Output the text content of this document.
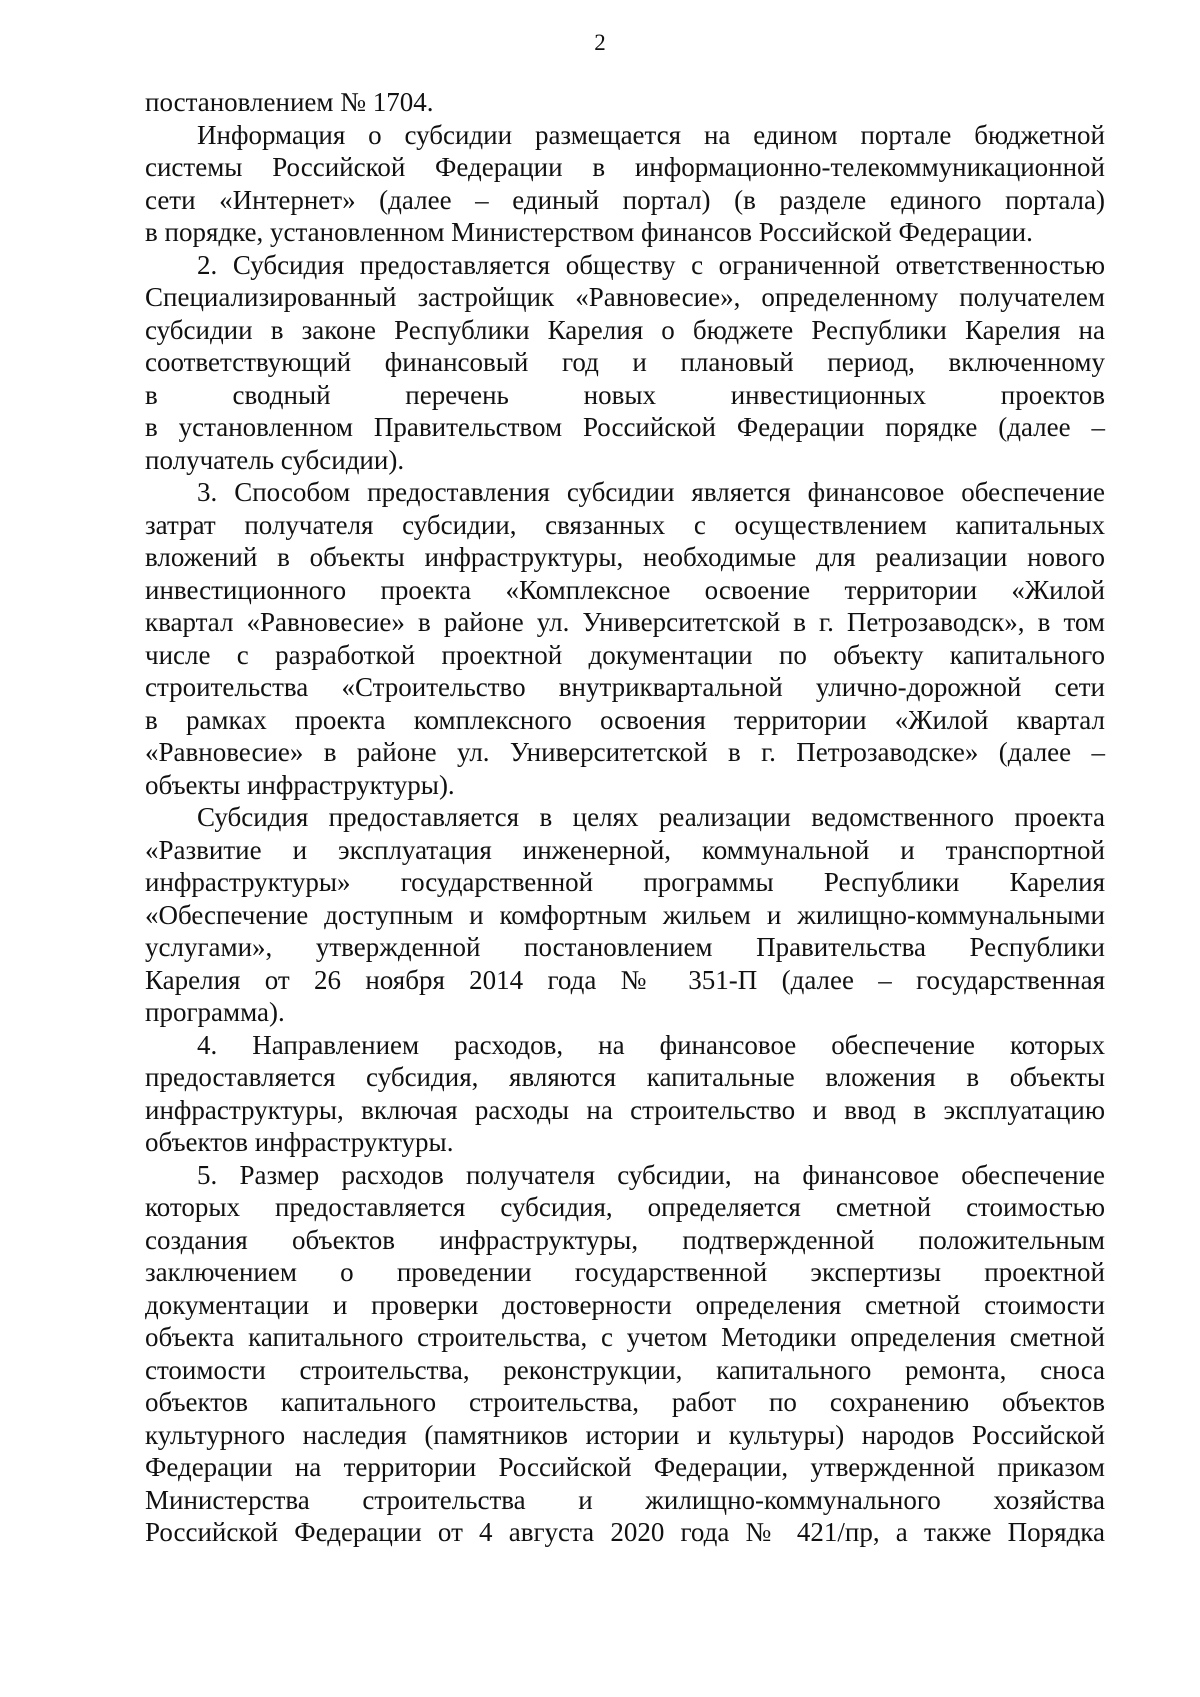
2
постановлением № 1704.
Информация о субсидии размещается на едином портале бюджетной
системы Российской Федерации в информационно-телекоммуникационной
сети «Интернет» (далее – единый портал) (в разделе единого портала)
в порядке, установленном Министерством финансов Российской Федерации.
2. Субсидия предоставляется обществу с ограниченной ответственностью
Специализированный застройщик «Равновесие», определенному получателем
субсидии в законе Республики Карелия о бюджете Республики Карелия на
соответствующий финансовый год и плановый период, включенному
в сводный перечень новых инвестиционных проектов
в установленном Правительством Российской Федерации порядке (далее –
получатель субсидии).
3. Способом предоставления субсидии является финансовое обеспечение
затрат получателя субсидии, связанных с осуществлением капитальных
вложений в объекты инфраструктуры, необходимые для реализации нового
инвестиционного проекта «Комплексное освоение территории «Жилой
квартал «Равновесие» в районе ул. Университетской в г. Петрозаводск», в том
числе с разработкой проектной документации по объекту капитального
строительства «Строительство внутриквартальной улично-дорожной сети
в рамках проекта комплексного освоения территории «Жилой квартал
«Равновесие» в районе ул. Университетской в г. Петрозаводске» (далее –
объекты инфраструктуры).
Субсидия предоставляется в целях реализации ведомственного проекта
«Развитие и эксплуатация инженерной, коммунальной и транспортной
инфраструктуры» государственной программы Республики Карелия
«Обеспечение доступным и комфортным жильем и жилищно-коммунальными
услугами», утвержденной постановлением Правительства Республики
Карелия от 26 ноября 2014 года № 351-П (далее – государственная
программа).
4. Направлением расходов, на финансовое обеспечение которых
предоставляется субсидия, являются капитальные вложения в объекты
инфраструктуры, включая расходы на строительство и ввод в эксплуатацию
объектов инфраструктуры.
5. Размер расходов получателя субсидии, на финансовое обеспечение
которых предоставляется субсидия, определяется сметной стоимостью
создания объектов инфраструктуры, подтвержденной положительным
заключением о проведении государственной экспертизы проектной
документации и проверки достоверности определения сметной стоимости
объекта капитального строительства, с учетом Методики определения сметной
стоимости строительства, реконструкции, капитального ремонта, сноса
объектов капитального строительства, работ по сохранению объектов
культурного наследия (памятников истории и культуры) народов Российской
Федерации на территории Российской Федерации, утвержденной приказом
Министерства строительства и жилищно-коммунального хозяйства
Российской Федерации от 4 августа 2020 года № 421/пр, а также Порядка
